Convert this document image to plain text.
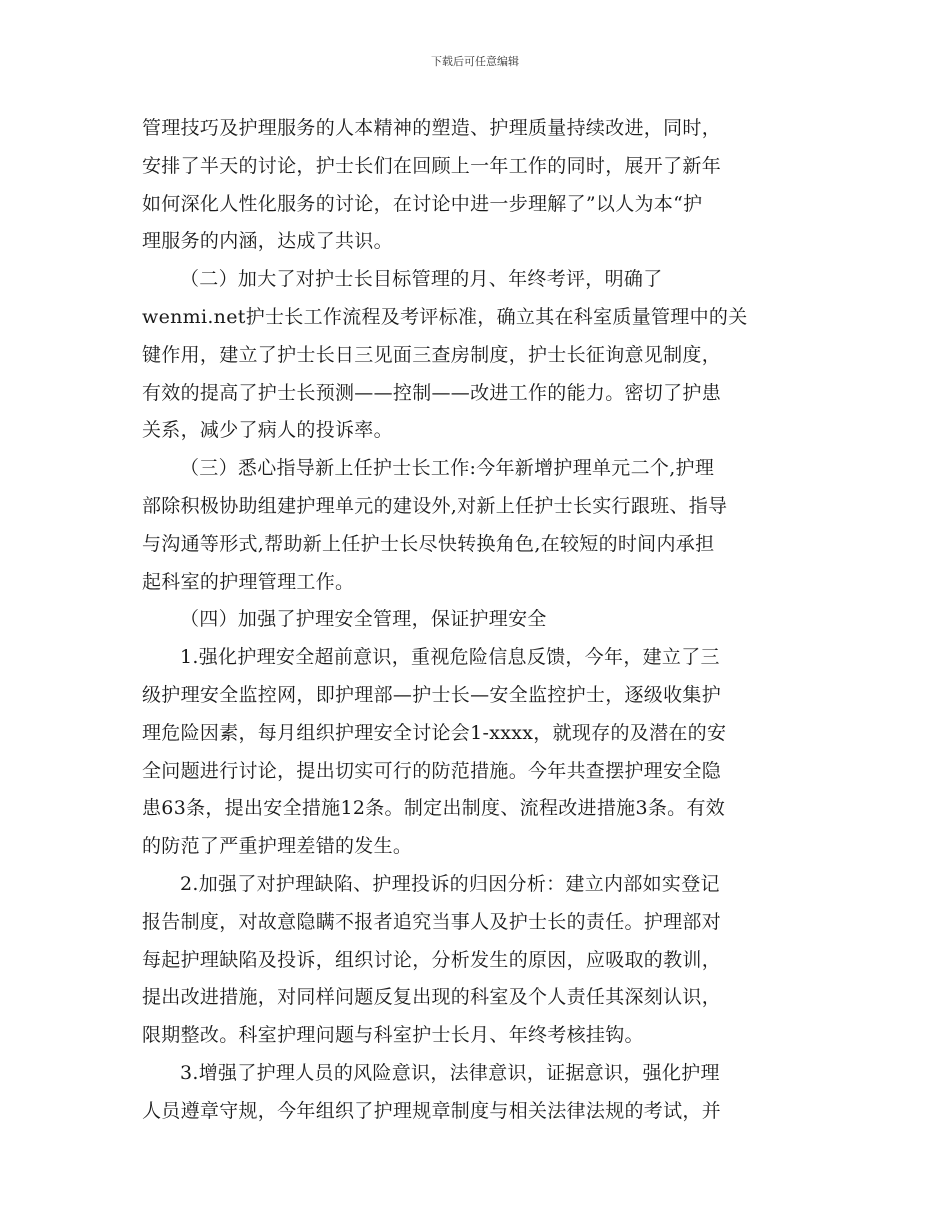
下载后可任意编辑
管理技巧及护理服务的人本精神的塑造、护理质量持续改进，同时，
安排了半天的讨论，护士长们在回顾上一年工作的同时，展开了新年
如何深化人性化服务的讨论，在讨论中进一步理解了”以人为本“护
理服务的内涵，达成了共识。
（二）加大了对护士长目标管理的月、年终考评，明确了
wenmi.net护士长工作流程及考评标准，确立其在科室质量管理中的关
键作用，建立了护士长日三见面三查房制度，护士长征询意见制度，
有效的提高了护士长预测——控制——改进工作的能力。密切了护患
关系，减少了病人的投诉率。
（三）悉心指导新上任护士长工作:今年新增护理单元二个,护理
部除积极协助组建护理单元的建设外,对新上任护士长实行跟班、指导
与沟通等形式,帮助新上任护士长尽快转换角色,在较短的时间内承担
起科室的护理管理工作。
（四）加强了护理安全管理，保证护理安全
1.强化护理安全超前意识，重视危险信息反馈，今年，建立了三
级护理安全监控网，即护理部—护士长—安全监控护士，逐级收集护
理危险因素，每月组织护理安全讨论会1-xxxx，就现存的及潜在的安
全问题进行讨论，提出切实可行的防范措施。今年共查摆护理安全隐
患63条，提出安全措施12条。制定出制度、流程改进措施3条。有效
的防范了严重护理差错的发生。
2.加强了对护理缺陷、护理投诉的归因分析：建立内部如实登记
报告制度，对故意隐瞒不报者追究当事人及护士长的责任。护理部对
每起护理缺陷及投诉，组织讨论，分析发生的原因，应吸取的教训，
提出改进措施，对同样问题反复出现的科室及个人责任其深刻认识，
限期整改。科室护理问题与科室护士长月、年终考核挂钩。
3.增强了护理人员的风险意识，法律意识，证据意识，强化护理
人员遵章守规，今年组织了护理规章制度与相关法律法规的考试，并
